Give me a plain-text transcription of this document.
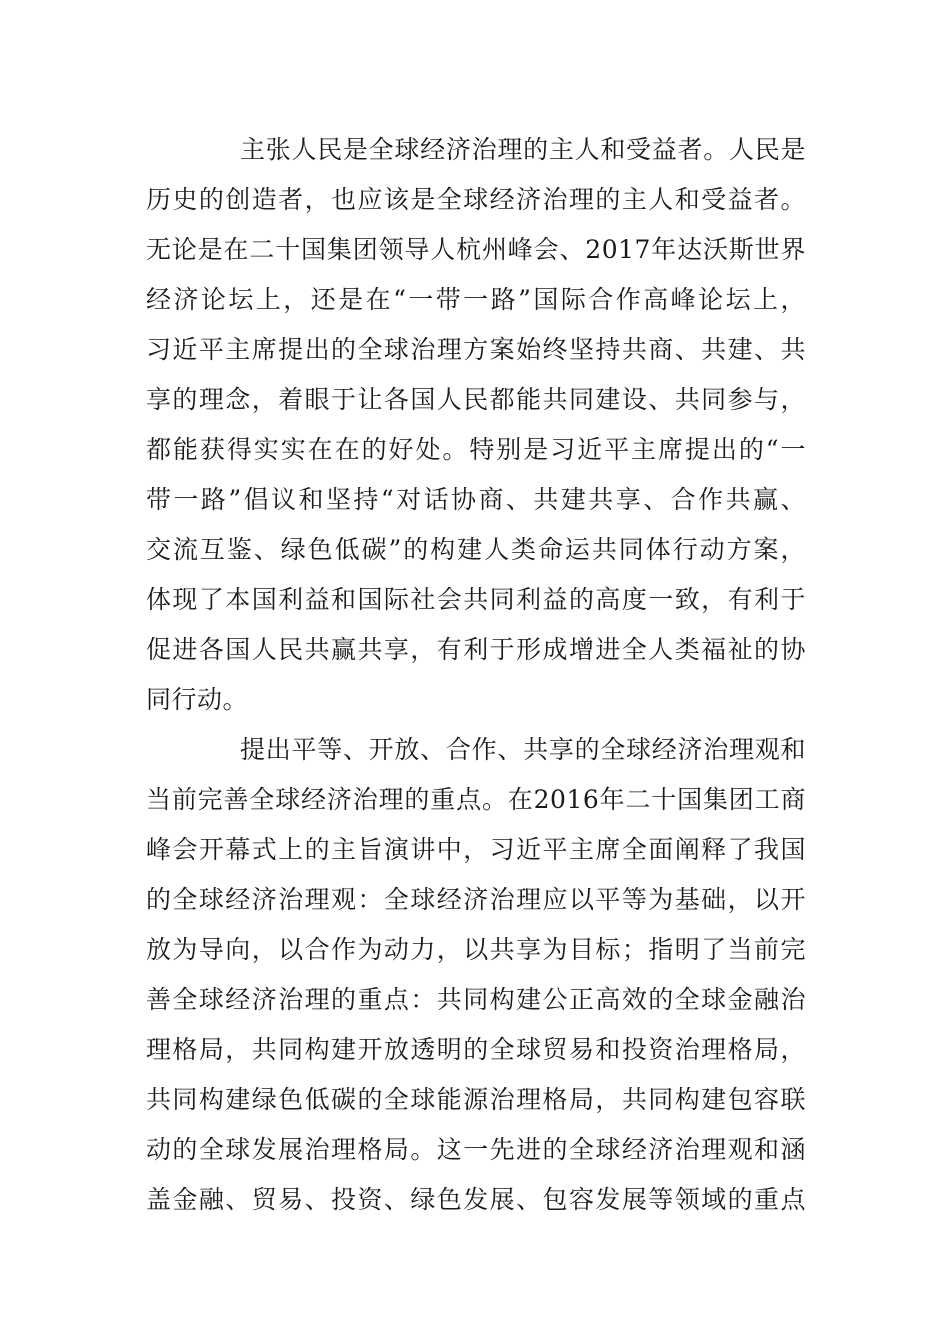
主张人民是全球经济治理的主人和受益者。人民是
历史的创造者，也应该是全球经济治理的主人和受益者。
无论是在二十国集团领导人杭州峰会、2017年达沃斯世界
经济论坛上，还是在“一带一路”国际合作高峰论坛上，
习近平主席提出的全球治理方案始终坚持共商、共建、共
享的理念，着眼于让各国人民都能共同建设、共同参与，
都能获得实实在在的好处。特别是习近平主席提出的“一
带一路”倡议和坚持“对话协商、共建共享、合作共赢、
交流互鉴、绿色低碳”的构建人类命运共同体行动方案，
体现了本国利益和国际社会共同利益的高度一致，有利于
促进各国人民共赢共享，有利于形成增进全人类福祉的协
同行动。
提出平等、开放、合作、共享的全球经济治理观和
当前完善全球经济治理的重点。在2016年二十国集团工商
峰会开幕式上的主旨演讲中，习近平主席全面阐释了我国
的全球经济治理观：全球经济治理应以平等为基础，以开
放为导向，以合作为动力，以共享为目标；指明了当前完
善全球经济治理的重点：共同构建公正高效的全球金融治
理格局，共同构建开放透明的全球贸易和投资治理格局，
共同构建绿色低碳的全球能源治理格局，共同构建包容联
动的全球发展治理格局。这一先进的全球经济治理观和涵
盖金融、贸易、投资、绿色发展、包容发展等领域的重点
